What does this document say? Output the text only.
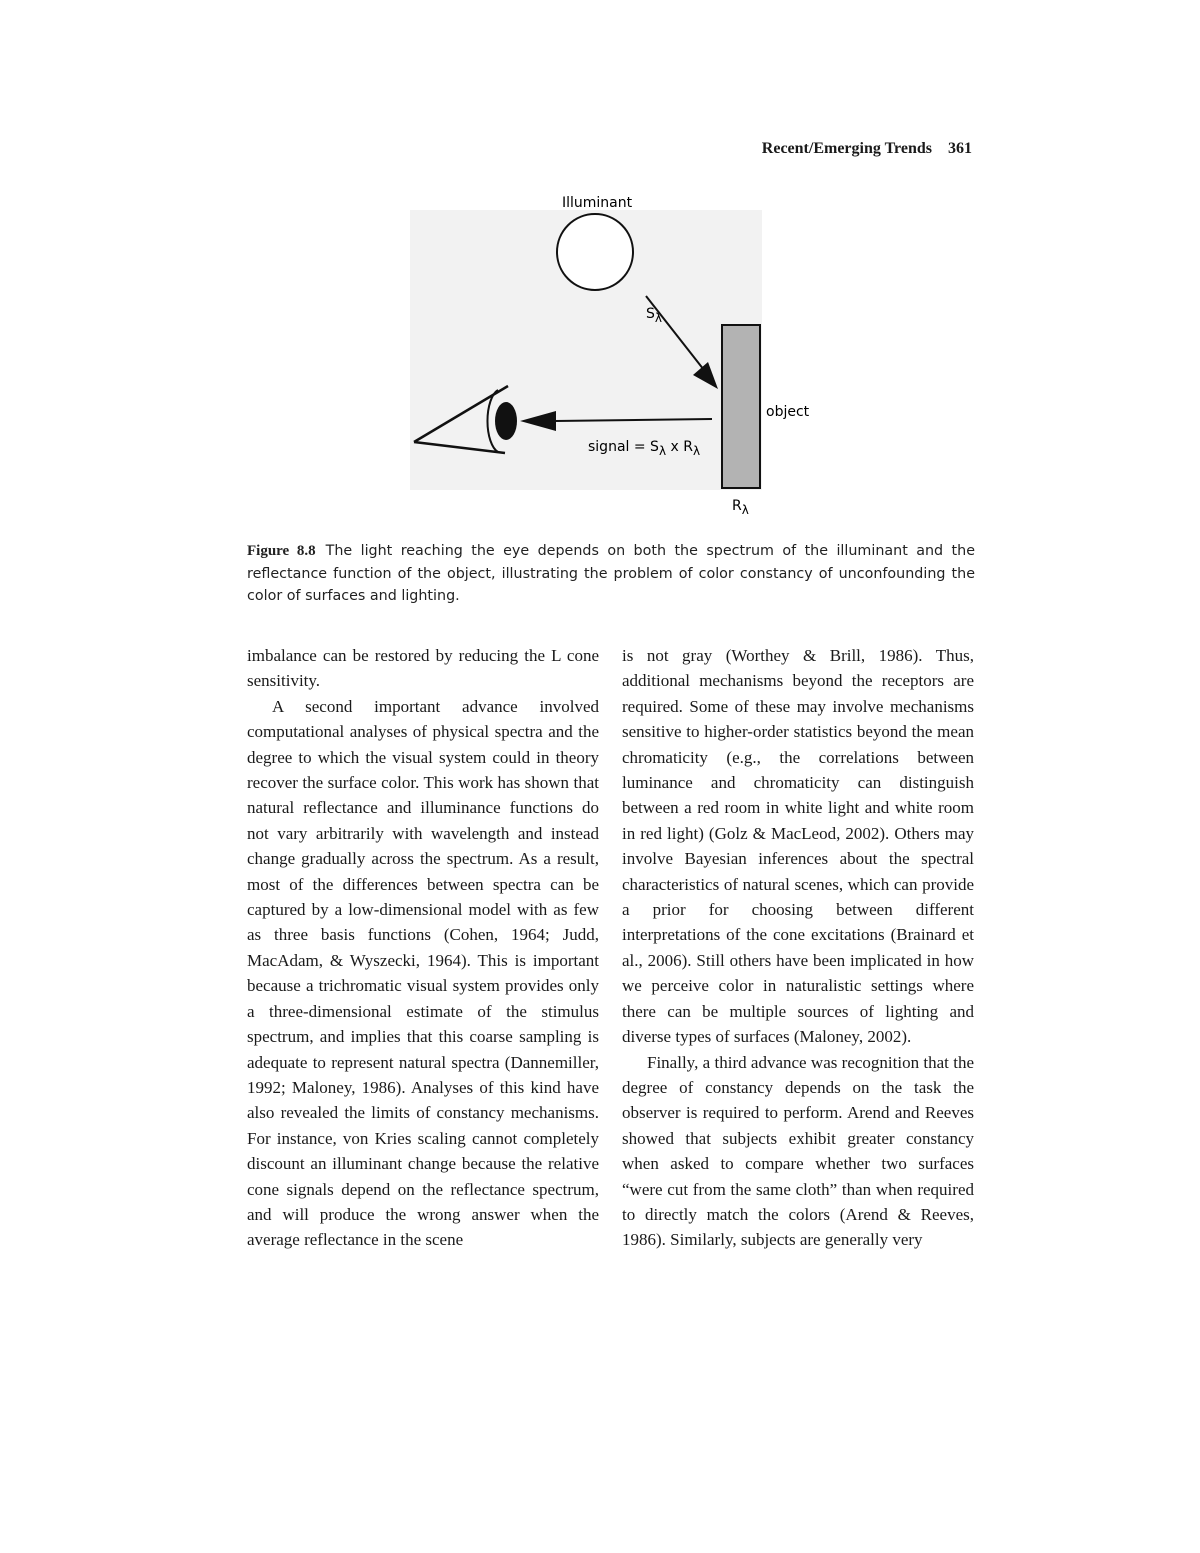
Recent/Emerging Trends 361
Illuminant
Sλ
object
signal = Sλ x Rλ
Rλ
Figure 8.8 The light reaching the eye depends on both the spectrum of the illuminant and the reflectance function of the object, illustrating the problem of color constancy of unconfounding the color of surfaces and lighting.

imbalance can be restored by reducing the L cone sensitivity.

A second important advance involved computational analyses of physical spectra and the degree to which the visual system could in theory recover the surface color. This work has shown that natural reflectance and illuminance functions do not vary arbitrarily with wavelength and instead change gradually across the spectrum. As a result, most of the differences between spectra can be captured by a low-dimensional model with as few as three basis functions (Cohen, 1964; Judd, MacAdam, & Wyszecki, 1964). This is important because a trichromatic visual system provides only a three-dimensional estimate of the stimulus spectrum, and implies that this coarse sampling is adequate to represent natural spectra (Dannemiller, 1992; Maloney, 1986). Analyses of this kind have also revealed the limits of constancy mechanisms. For instance, von Kries scaling cannot completely discount an illuminant change because the relative cone signals depend on the reflectance spectrum, and will produce the wrong answer when the average reflectance in the scene

is not gray (Worthey & Brill, 1986). Thus, additional mechanisms beyond the receptors are required. Some of these may involve mechanisms sensitive to higher-order statistics beyond the mean chromaticity (e.g., the correlations between luminance and chromaticity can distinguish between a red room in white light and white room in red light) (Golz & MacLeod, 2002). Others may involve Bayesian inferences about the spectral characteristics of natural scenes, which can provide a prior for choosing between different interpretations of the cone excitations (Brainard et al., 2006). Still others have been implicated in how we perceive color in naturalistic settings where there can be multiple sources of lighting and diverse types of surfaces (Maloney, 2002).

Finally, a third advance was recognition that the degree of constancy depends on the task the observer is required to perform. Arend and Reeves showed that subjects exhibit greater constancy when asked to compare whether two surfaces “were cut from the same cloth” than when required to directly match the colors (Arend & Reeves, 1986). Similarly, subjects are generally very
